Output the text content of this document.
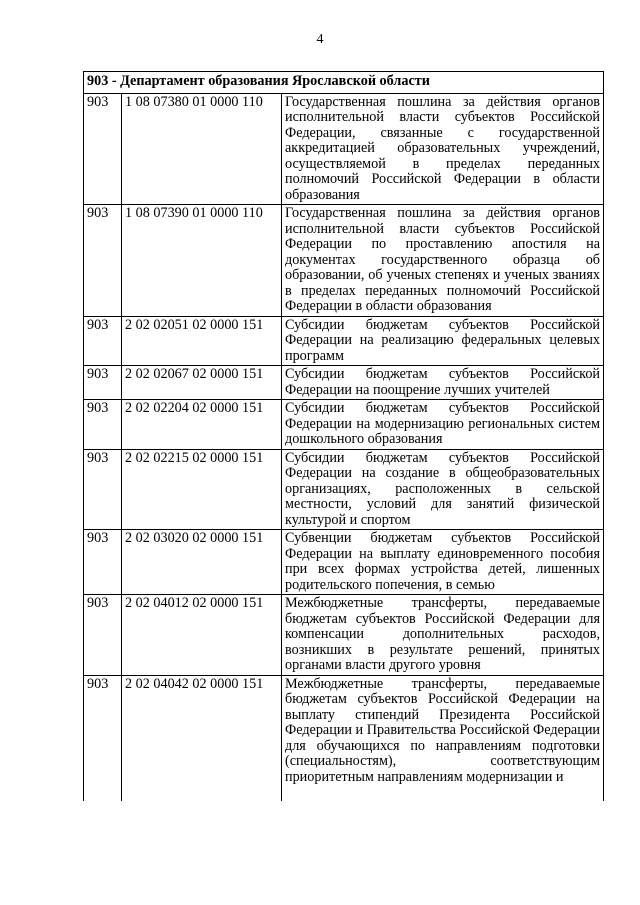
4
903 - Департамент образования Ярославской области		
903	1 08 07380 01 0000 110	Государственная пошлина за действия органов исполнительной власти субъектов Российской Федерации, связанные с государственной аккредитацией образовательных учреждений, осуществляемой в пределах переданных полномочий Российской Федерации в области образования
903	1 08 07390 01 0000 110	Государственная пошлина за действия органов исполнительной власти субъектов Российской Федерации по проставлению апостиля на документах государственного образца об образовании, об ученых степенях и ученых званиях в пределах переданных полномочий Российской Федерации в области образования
903	2 02 02051 02 0000 151	Субсидии бюджетам субъектов Российской Федерации на реализацию федеральных целевых программ
903	2 02 02067 02 0000 151	Субсидии бюджетам субъектов Российской Федерации на поощрение лучших учителей
903	2 02 02204 02 0000 151	Субсидии бюджетам субъектов Российской Федерации на модернизацию региональных систем дошкольного образования
903	2 02 02215 02 0000 151	Субсидии бюджетам субъектов Российской Федерации на создание в общеобразовательных организациях, расположенных в сельской местности, условий для занятий физической культурой и спортом
903	2 02 03020 02 0000 151	Субвенции бюджетам субъектов Российской Федерации на выплату единовременного пособия при всех формах устройства детей, лишенных родительского попечения, в семью
903	2 02 04012 02 0000 151	Межбюджетные трансферты, передаваемые бюджетам субъектов Российской Федерации для компенсации дополнительных расходов, возникших в результате решений, принятых органами власти другого уровня
903	2 02 04042 02 0000 151	Межбюджетные трансферты, передаваемые бюджетам субъектов Российской Федерации на выплату стипендий Президента Российской Федерации и Правительства Российской Федерации для обучающихся по направлениям подготовки (специальностям), соответствующим приоритетным направлениям модернизации и
